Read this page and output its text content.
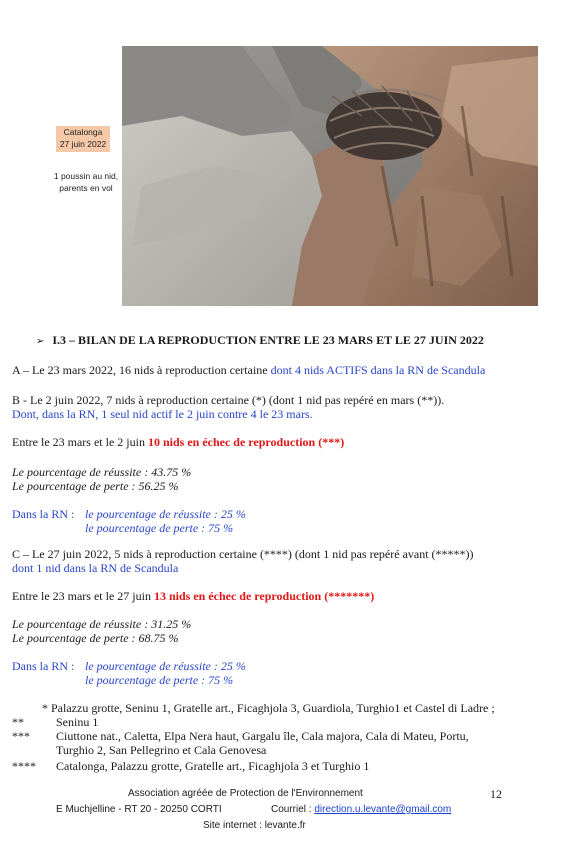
Catalonga
27 juin 2022
1 poussin au nid,
parents en vol
➢ I.3 – BILAN DE LA REPRODUCTION ENTRE LE 23 MARS ET LE 27 JUIN 2022
A – Le 23 mars 2022, 16 nids à reproduction certaine dont 4 nids ACTIFS dans la RN de Scandula
B - Le 2 juin 2022, 7 nids à reproduction certaine (*) (dont 1 nid pas repéré en mars (**)).
Dont, dans la RN, 1 seul nid actif le 2 juin contre 4 le 23 mars.
Entre le 23 mars et le 2 juin 10 nids en échec de reproduction (***)
Le pourcentage de réussite : 43.75 %
Le pourcentage de perte : 56.25 %
Dans la RN : le pourcentage de réussite : 25 %
le pourcentage de perte : 75 %
C – Le 27 juin 2022, 5 nids à reproduction certaine (****) (dont 1 nid pas repéré avant (*****))
dont 1 nid dans la RN de Scandula
Entre le 23 mars et le 27 juin 13 nids en échec de reproduction (*******)
Le pourcentage de réussite : 31.25 %
Le pourcentage de perte : 68.75 %
Dans la RN : le pourcentage de réussite : 25 %
le pourcentage de perte : 75 %
* Palazzu grotte, Seninu 1, Gratelle art., Ficaghjola 3, Guardiola, Turghio1 et Castel di Ladre ;
**	Seninu 1
*** Ciuttone nat., Caletta, Elpa Nera haut, Gargalu île, Cala majora, Cala di Mateu, Portu,
Turghio 2, San Pellegrino et Cala Genovesa
**** Catalonga, Palazzu grotte, Gratelle art., Ficaghjola 3 et Turghio 1
12
Association agréée de Protection de l'Environnement
E Muchjelline - RT 20 - 20250 CORTI	Courriel : direction.u.levante@gmail.com
Site internet : levante.fr
